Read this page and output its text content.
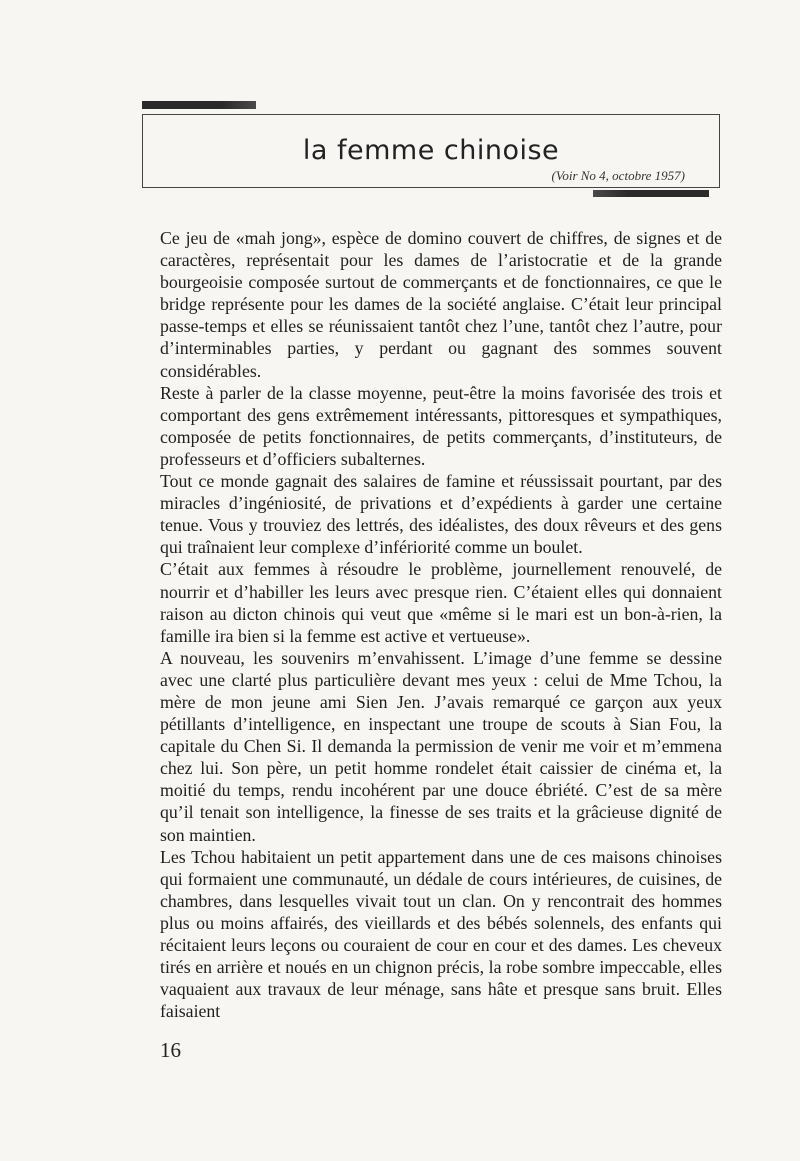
la femme chinoise
(Voir No 4, octobre 1957)

Ce jeu de «mah jong», espèce de domino couvert de chiffres, de signes et de caractères, représentait pour les dames de l’aristocratie et de la grande bourgeoisie composée surtout de commerçants et de fonctionnaires, ce que le bridge représente pour les dames de la société anglaise. C’était leur principal passe-temps et elles se réunissaient tantôt chez l’une, tantôt chez l’autre, pour d’interminables parties, y perdant ou gagnant des sommes souvent considérables.

Reste à parler de la classe moyenne, peut-être la moins favorisée des trois et comportant des gens extrêmement intéressants, pittoresques et sympathiques, composée de petits fonctionnaires, de petits commerçants, d’instituteurs, de professeurs et d’officiers subalternes.

Tout ce monde gagnait des salaires de famine et réussissait pourtant, par des miracles d’ingéniosité, de privations et d’expédients à garder une certaine tenue. Vous y trouviez des lettrés, des idéalistes, des doux rêveurs et des gens qui traînaient leur complexe d’infériorité comme un boulet.

C’était aux femmes à résoudre le problème, journellement renouvelé, de nourrir et d’habiller les leurs avec presque rien. C’étaient elles qui donnaient raison au dicton chinois qui veut que «même si le mari est un bon-à-rien, la famille ira bien si la femme est active et vertueuse».

A nouveau, les souvenirs m’envahissent. L’image d’une femme se dessine avec une clarté plus particulière devant mes yeux : celui de Mme Tchou, la mère de mon jeune ami Sien Jen. J’avais remarqué ce garçon aux yeux pétillants d’intelligence, en inspectant une troupe de scouts à Sian Fou, la capitale du Chen Si. Il demanda la permission de venir me voir et m’emmena chez lui. Son père, un petit homme rondelet était caissier de cinéma et, la moitié du temps, rendu incohérent par une douce ébriété. C’est de sa mère qu’il tenait son intelligence, la finesse de ses traits et la grâcieuse dignité de son maintien.

Les Tchou habitaient un petit appartement dans une de ces maisons chinoises qui formaient une communauté, un dédale de cours intérieures, de cuisines, de chambres, dans lesquelles vivait tout un clan. On y rencontrait des hommes plus ou moins affairés, des vieillards et des bébés solennels, des enfants qui récitaient leurs leçons ou couraient de cour en cour et des dames. Les cheveux tirés en arrière et noués en un chignon précis, la robe sombre impeccable, elles vaquaient aux travaux de leur ménage, sans hâte et presque sans bruit. Elles faisaient

16
